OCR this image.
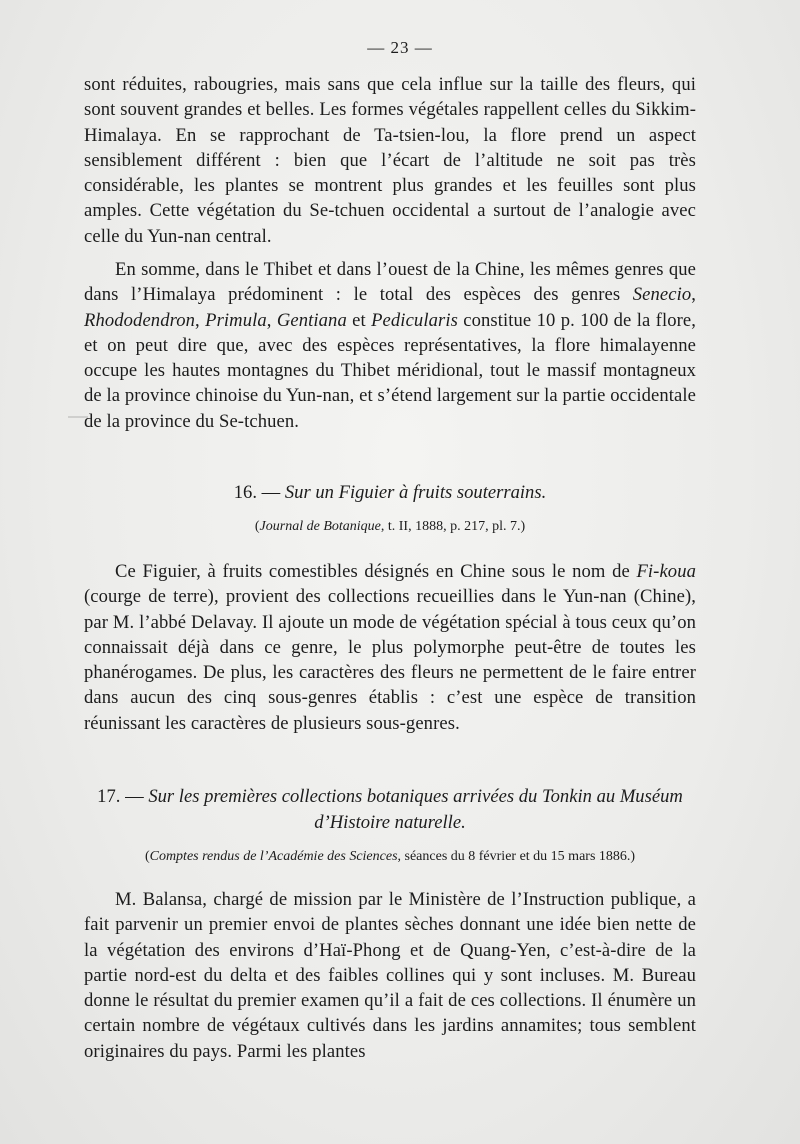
— 23 —

sont réduites, rabougries, mais sans que cela influe sur la taille des fleurs, qui sont souvent grandes et belles. Les formes végétales rappellent celles du Sikkim-Himalaya. En se rapprochant de Ta-tsien-lou, la flore prend un aspect sensiblement différent : bien que l’écart de l’altitude ne soit pas très considérable, les plantes se montrent plus grandes et les feuilles sont plus amples. Cette végétation du Se-tchuen occidental a surtout de l’analogie avec celle du Yun-nan central.

En somme, dans le Thibet et dans l’ouest de la Chine, les mêmes genres que dans l’Himalaya prédominent : le total des espèces des genres Senecio, Rhododendron, Primula, Gentiana et Pedicularis constitue 10 p. 100 de la flore, et on peut dire que, avec des espèces représentatives, la flore himalayenne occupe les hautes montagnes du Thibet méridional, tout le massif montagneux de la province chinoise du Yun-nan, et s’étend largement sur la partie occidentale de la province du Se-tchuen.

16. — Sur un Figuier à fruits souterrains.
(Journal de Botanique, t. II, 1888, p. 217, pl. 7.)

Ce Figuier, à fruits comestibles désignés en Chine sous le nom de Fi-koua (courge de terre), provient des collections recueillies dans le Yun-nan (Chine), par M. l’abbé Delavay. Il ajoute un mode de végétation spécial à tous ceux qu’on connaissait déjà dans ce genre, le plus polymorphe peut-être de toutes les phanérogames. De plus, les caractères des fleurs ne permettent de le faire entrer dans aucun des cinq sous-genres établis : c’est une espèce de transition réunissant les caractères de plusieurs sous-genres.

17. — Sur les premières collections botaniques arrivées du Tonkin au Muséum d’Histoire naturelle.
(Comptes rendus de l’Académie des Sciences, séances du 8 février et du 15 mars 1886.)

M. Balansa, chargé de mission par le Ministère de l’Instruction publique, a fait parvenir un premier envoi de plantes sèches donnant une idée bien nette de la végétation des environs d’Haï-Phong et de Quang-Yen, c’est-à-dire de la partie nord-est du delta et des faibles collines qui y sont incluses. M. Bureau donne le résultat du premier examen qu’il a fait de ces collections. Il énumère un certain nombre de végétaux cultivés dans les jardins annamites; tous semblent originaires du pays. Parmi les plantes
